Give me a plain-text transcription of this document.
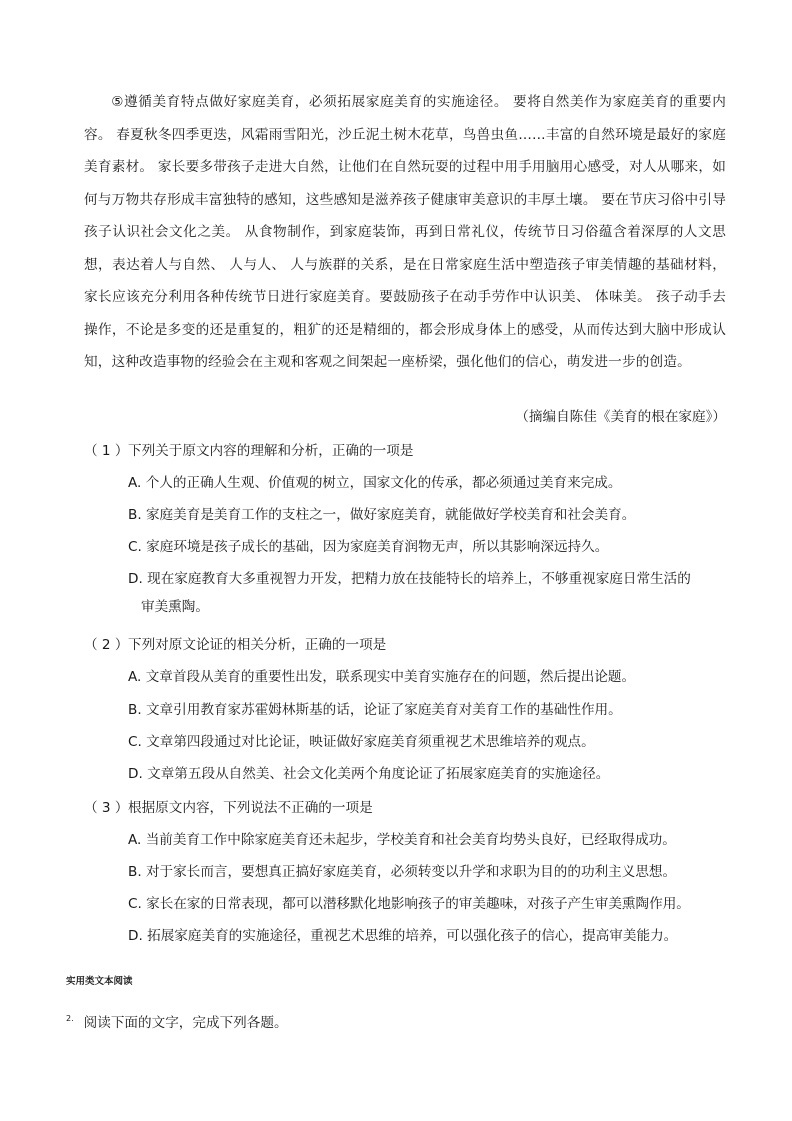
⑤遵循美育特点做好家庭美育，必须拓展家庭美育的实施途径。 要将自然美作为家庭美育的重要内容。 春夏秋冬四季更迭，风霜雨雪阳光，沙丘泥土树木花草，鸟兽虫鱼……丰富的自然环境是最好的家庭美育素材。 家长要多带孩子走进大自然，让他们在自然玩耍的过程中用手用脑用心感受，对人从哪来，如何与万物共存形成丰富独特的感知，这些感知是滋养孩子健康审美意识的丰厚土壤。 要在节庆习俗中引导孩子认识社会文化之美。 从食物制作，到家庭装饰，再到日常礼仪，传统节日习俗蕴含着深厚的人文思想，表达着人与自然、 人与人、 人与族群的关系，是在日常家庭生活中塑造孩子审美情趣的基础材料，家长应该充分利用各种传统节日进行家庭美育。要鼓励孩子在动手劳作中认识美、 体味美。 孩子动手去操作，不论是多变的还是重复的，粗犷的还是精细的，都会形成身体上的感受，从而传达到大脑中形成认知，这种改造事物的经验会在主观和客观之间架起一座桥梁，强化他们的信心，萌发进一步的创造。

（摘编自陈佳《美育的根在家庭》）

（ 1 ）下列关于原文内容的理解和分析，正确的一项是

A. 个人的正确人生观、价值观的树立，国家文化的传承，都必须通过美育来完成。

B. 家庭美育是美育工作的支柱之一，做好家庭美育，就能做好学校美育和社会美育。

C. 家庭环境是孩子成长的基础，因为家庭美育润物无声，所以其影响深远持久。

D. 现在家庭教育大多重视智力开发，把精力放在技能特长的培养上，不够重视家庭日常生活的
审美熏陶。

（ 2 ）下列对原文论证的相关分析，正确的一项是

A. 文章首段从美育的重要性出发，联系现实中美育实施存在的问题，然后提出论题。

B. 文章引用教育家苏霍姆林斯基的话，论证了家庭美育对美育工作的基础性作用。

C. 文章第四段通过对比论证，映证做好家庭美育须重视艺术思维培养的观点。

D. 文章第五段从自然美、社会文化美两个角度论证了拓展家庭美育的实施途径。

（ 3 ）根据原文内容，下列说法不正确的一项是

A. 当前美育工作中除家庭美育还未起步，学校美育和社会美育均势头良好，已经取得成功。

B. 对于家长而言，要想真正搞好家庭美育，必须转变以升学和求职为目的的功利主义思想。

C. 家长在家的日常表现，都可以潜移默化地影响孩子的审美趣味，对孩子产生审美熏陶作用。

D. 拓展家庭美育的实施途径，重视艺术思维的培养，可以强化孩子的信心，提高审美能力。

实用类文本阅读

$^{2.}$ 阅读下面的文字，完成下列各题。
